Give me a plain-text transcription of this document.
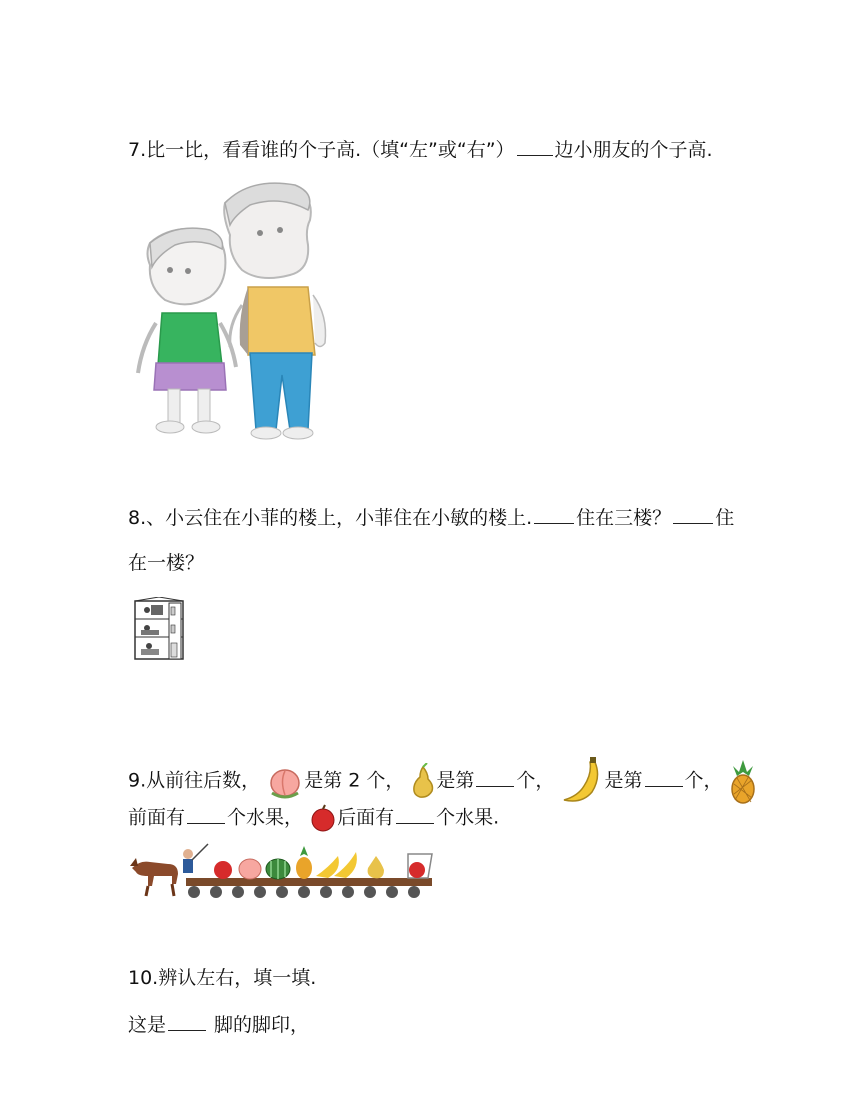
7.比一比，看看谁的个子高.（填“左”或“右”） 边小朋友的个子高.
8.、小云住在小菲的楼上，小菲住在小敏的楼上. 住在三楼？ 住
在一楼？
9.从前往后数， 是第 2 个， 是第 个，	是第 个，
前面有 个水果， 后面有 个水果.
10.辨认左右，填一填.
这是 脚的脚印，
